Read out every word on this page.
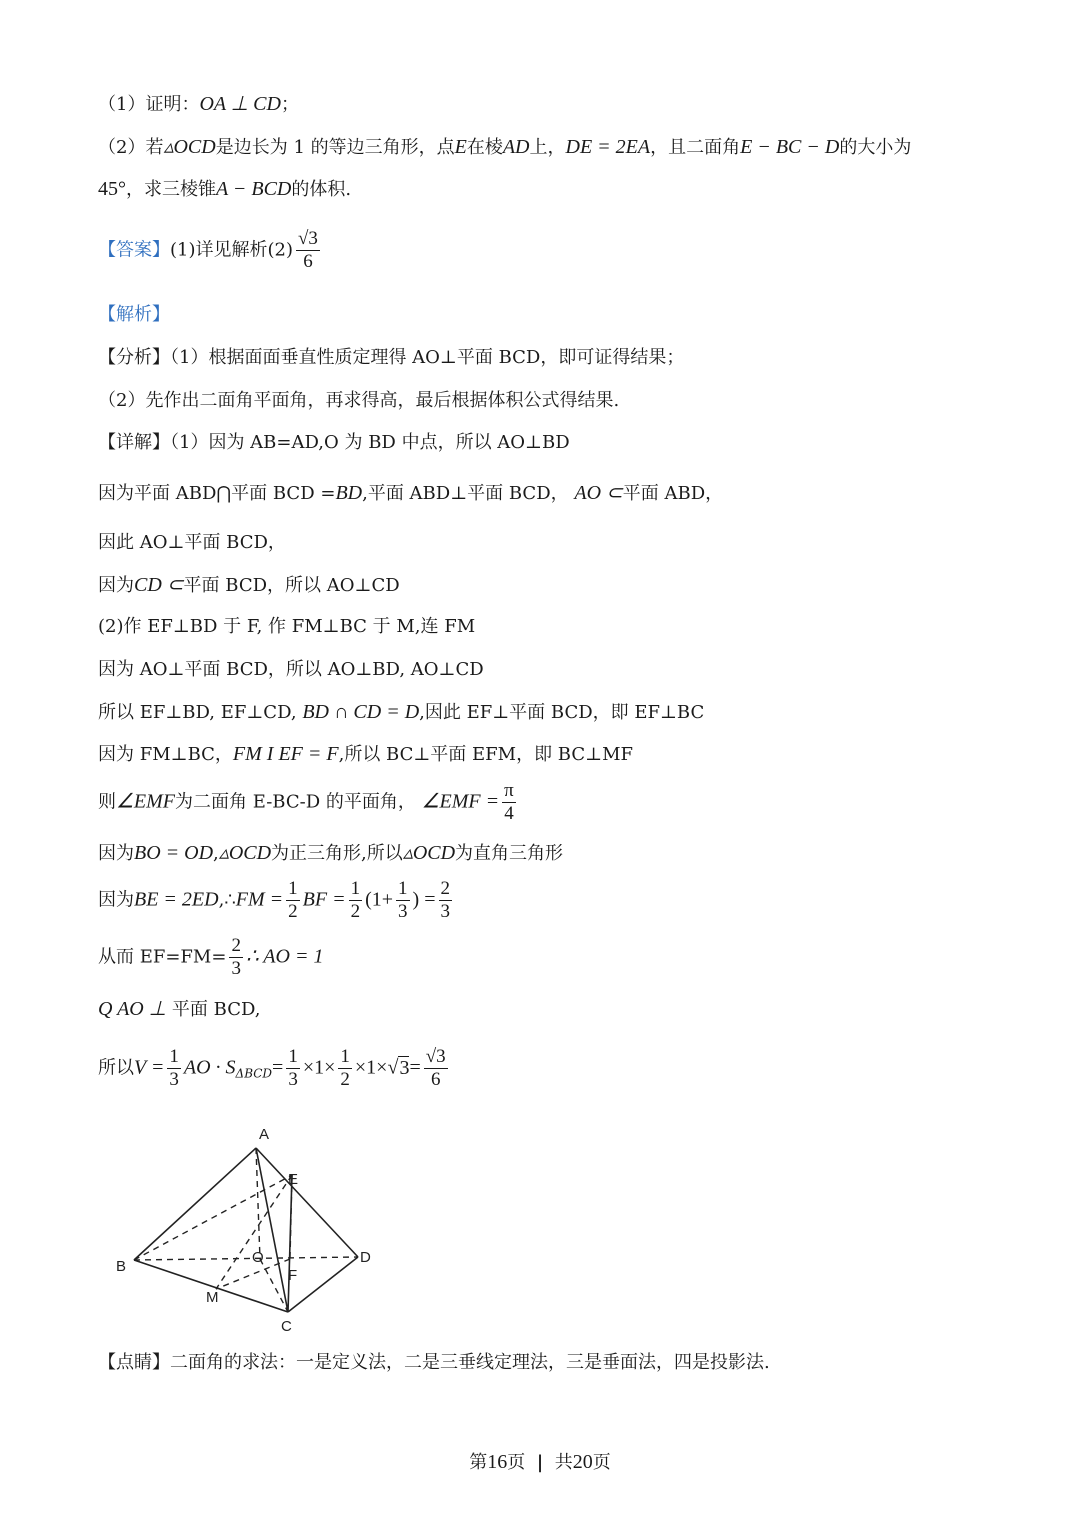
（1）证明：OA ⊥ CD；
（2）若▵OCD是边长为 1 的等边三角形，点E在棱AD上，DE = 2EA，且二面角E − BC − D的大小为
45°，求三棱锥A − BCD的体积.
【答案】(1)详见解析$(2) \frac{√3}{6}$
【解析】
【分析】（1）根据面面垂直性质定理得 AO⊥平面 BCD，即可证得结果；
（2）先作出二面角平面角，再求得高，最后根据体积公式得结果.
【详解】（1）因为 AB=AD,O 为 BD 中点，所以 AO⊥BD
因为平面 ABD⋂平面 BCD =BD,平面 ABD⊥平面 BCD， AO ⊂平面 ABD，
因此 AO⊥平面 BCD，
因为CD ⊂平面 BCD，所以 AO⊥CD
(2)作 EF⊥BD 于 F, 作 FM⊥BC 于 M,连 FM
因为 AO⊥平面 BCD，所以 AO⊥BD, AO⊥CD
所以 EF⊥BD, EF⊥CD, BD ∩ CD = D,因此 EF⊥平面 BCD，即 EF⊥BC
因为 FM⊥BC，FM I EF = F,所以 BC⊥平面 EFM，即 BC⊥MF
则∠EMF为二面角 E-BC-D 的平面角， ∠EMF = $\frac{\pi}{4}$
因为BO = OD,▵OCD为正三角形,所以▵OCD为直角三角形
因为BE = 2ED,∴FM = $\frac{1}{2}$ BF = $\frac{1}{2} (1+ \frac{1}{3}$ ) = $\frac{2}{3}$
从而 $EF=FM= \frac{2}{3}$ ∴ AO = 1
Q AO ⊥ 平面 BCD,
所以$V = \frac{1}{3}$ AO · $S_{\Delta BCD}= \frac{1}{3} \times 1\times \frac{1}{2} \times 1\times√3= \frac{√3}{6}$
A
B
C
D
E
F
O
M
【点睛】二面角的求法：一是定义法，二是三垂线定理法，三是垂面法，四是投影法.
第16页 | 共20页
